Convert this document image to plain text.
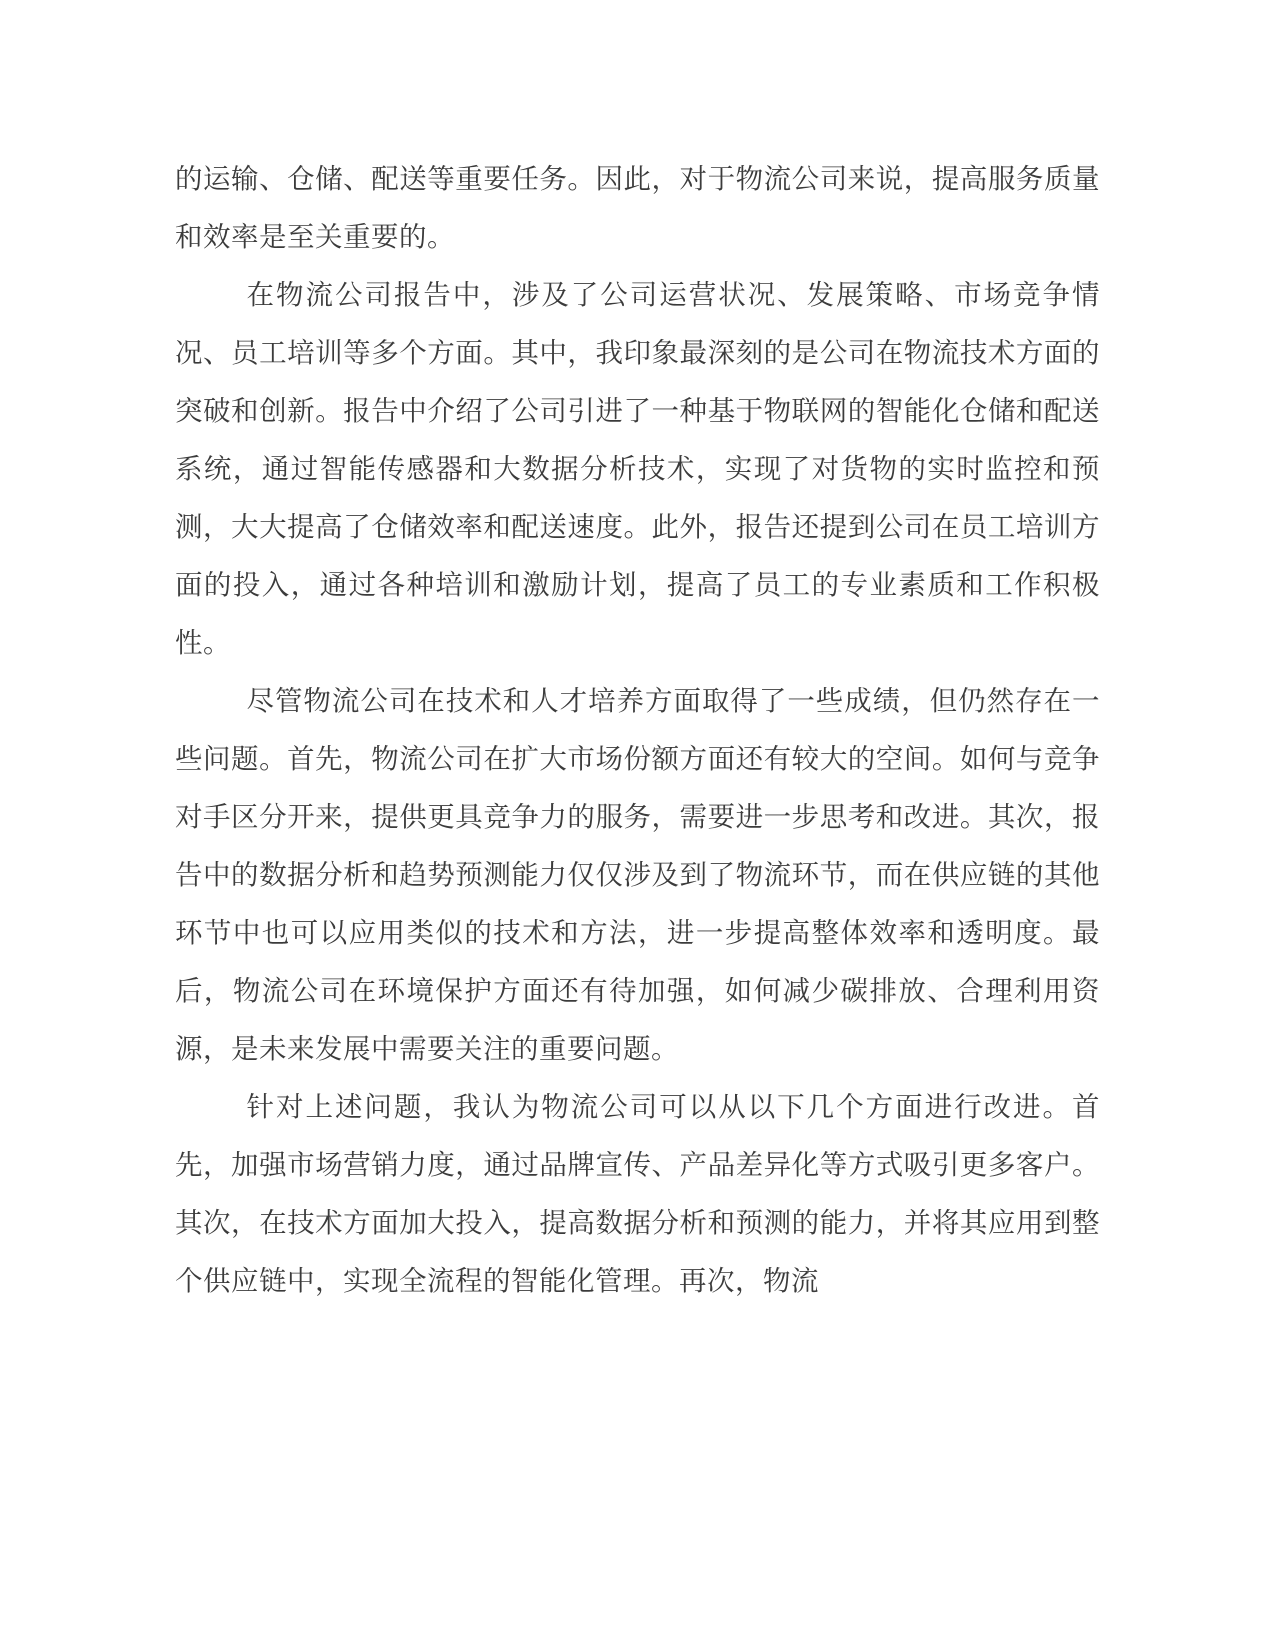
的运输、仓储、配送等重要任务。因此，对于物流公司来说，提高服务质量和效率是至关重要的。

在物流公司报告中，涉及了公司运营状况、发展策略、市场竞争情况、员工培训等多个方面。其中，我印象最深刻的是公司在物流技术方面的突破和创新。报告中介绍了公司引进了一种基于物联网的智能化仓储和配送系统，通过智能传感器和大数据分析技术，实现了对货物的实时监控和预测，大大提高了仓储效率和配送速度。此外，报告还提到公司在员工培训方面的投入，通过各种培训和激励计划，提高了员工的专业素质和工作积极性。

尽管物流公司在技术和人才培养方面取得了一些成绩，但仍然存在一些问题。首先，物流公司在扩大市场份额方面还有较大的空间。如何与竞争对手区分开来，提供更具竞争力的服务，需要进一步思考和改进。其次，报告中的数据分析和趋势预测能力仅仅涉及到了物流环节，而在供应链的其他环节中也可以应用类似的技术和方法，进一步提高整体效率和透明度。最后，物流公司在环境保护方面还有待加强，如何减少碳排放、合理利用资源，是未来发展中需要关注的重要问题。

针对上述问题，我认为物流公司可以从以下几个方面进行改进。首先，加强市场营销力度，通过品牌宣传、产品差异化等方式吸引更多客户。其次，在技术方面加大投入，提高数据分析和预测的能力，并将其应用到整个供应链中，实现全流程的智能化管理。再次，物流
